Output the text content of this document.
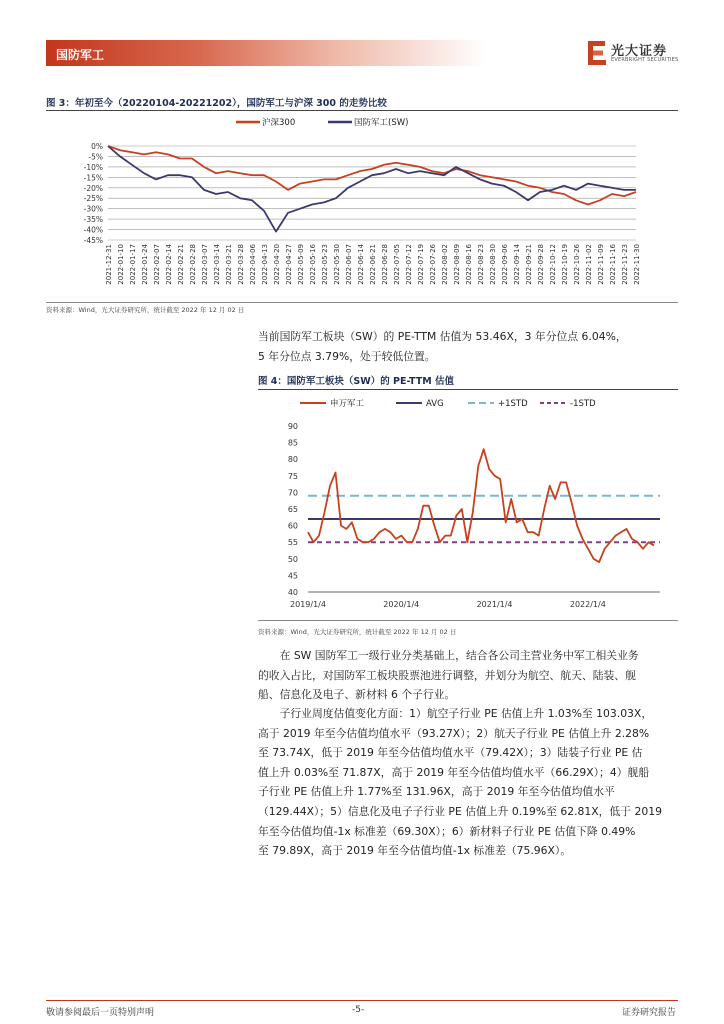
国防军工	光大证券
EVERBRIGHT SECURITIES
图 3：年初至今（20220104-20221202），国防军工与沪深 300 的走势比较
沪深300	国防军工(SW)
0%
-5%
-10%
-15%
-20%
-25%
-30%
-35%
-40%
-45%
2021-12-31 2022-01-10 2022-01-17 2022-01-24 2022-02-07 2022-02-14 2022-02-21 2022-02-28 2022-03-07 2022-03-14 2022-03-21 2022-03-28 2022-04-06 2022-04-13 2022-04-20 2022-04-27 2022-05-09 2022-05-16 2022-05-23 2022-05-30 2022-06-07 2022-06-14 2022-06-21 2022-06-28 2022-07-05 2022-07-12 2022-07-19 2022-07-26 2022-08-02 2022-08-09 2022-08-16 2022-08-23 2022-08-30 2022-09-06 2022-09-14 2022-09-21 2022-09-28 2022-10-12 2022-10-19 2022-10-26 2022-11-02 2022-11-09 2022-11-16 2022-11-23 2022-11-30
资料来源：Wind，光大证券研究所，统计截至 2022 年 12 月 02 日
当前国防军工板块（SW）的 PE-TTM 估值为 53.46X，3 年分位点 6.04%，
5 年分位点 3.79%，处于较低位置。
图 4：国防军工板块（SW）的 PE-TTM 估值
申万军工	AVG	+1STD	-1STD
90
85
80
75
70
65
60
55
50
45
40
2019/1/4	2020/1/4	2021/1/4	2022/1/4
资料来源：Wind，光大证券研究所，统计截至 2022 年 12 月 02 日
在 SW 国防军工一级行业分类基础上，结合各公司主营业务中军工相关业务
的收入占比，对国防军工板块股票池进行调整，并划分为航空、航天、陆装、舰
船、信息化及电子、新材料 6 个子行业。
子行业周度估值变化方面：1）航空子行业 PE 估值上升 1.03%至 103.03X，
高于 2019 年至今估值均值水平（93.27X）；2）航天子行业 PE 估值上升 2.28%
至 73.74X，低于 2019 年至今估值均值水平（79.42X）；3）陆装子行业 PE 估
值上升 0.03%至 71.87X，高于 2019 年至今估值均值水平（66.29X）；4）舰船
子行业 PE 估值上升 1.77%至 131.96X，高于 2019 年至今估值均值水平
（129.44X）；5）信息化及电子子行业 PE 估值上升 0.19%至 62.81X，低于 2019
年至今估值均值-1x 标准差（69.30X）；6）新材料子行业 PE 估值下降 0.49%
至 79.89X，高于 2019 年至今估值均值-1x 标准差（75.96X）。
敬请参阅最后一页特别声明	-5-	证券研究报告
